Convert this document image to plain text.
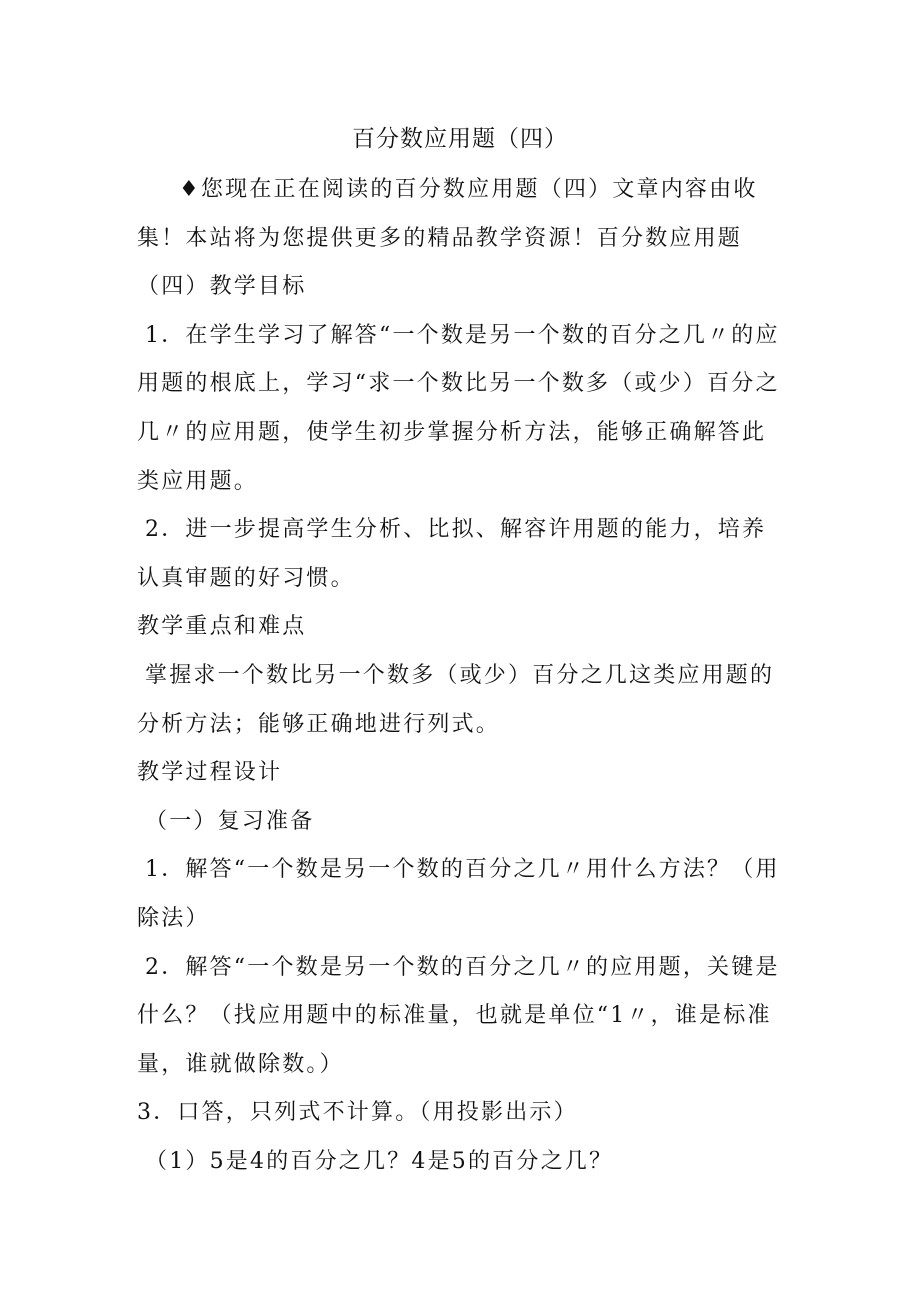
百分数应用题（四）

♦您现在正在阅读的百分数应用题（四）文章内容由收集！本站将为您提供更多的精品教学资源！百分数应用题（四）教学目标

1．在学生学习了解答“一个数是另一个数的百分之几〃的应用题的根底上，学习“求一个数比另一个数多（或少）百分之几〃的应用题，使学生初步掌握分析方法，能够正确解答此类应用题。

2．进一步提高学生分析、比拟、解容许用题的能力，培养认真审题的好习惯。

教学重点和难点

掌握求一个数比另一个数多（或少）百分之几这类应用题的分析方法；能够正确地进行列式。

教学过程设计

（一）复习准备

1．解答“一个数是另一个数的百分之几〃用什么方法？（用除法）

2．解答“一个数是另一个数的百分之几〃的应用题，关键是什么？（找应用题中的标准量，也就是单位“1〃，谁是标准量，谁就做除数。）

3．口答，只列式不计算。（用投影出示）

（1）5是4的百分之几？4是5的百分之几？
